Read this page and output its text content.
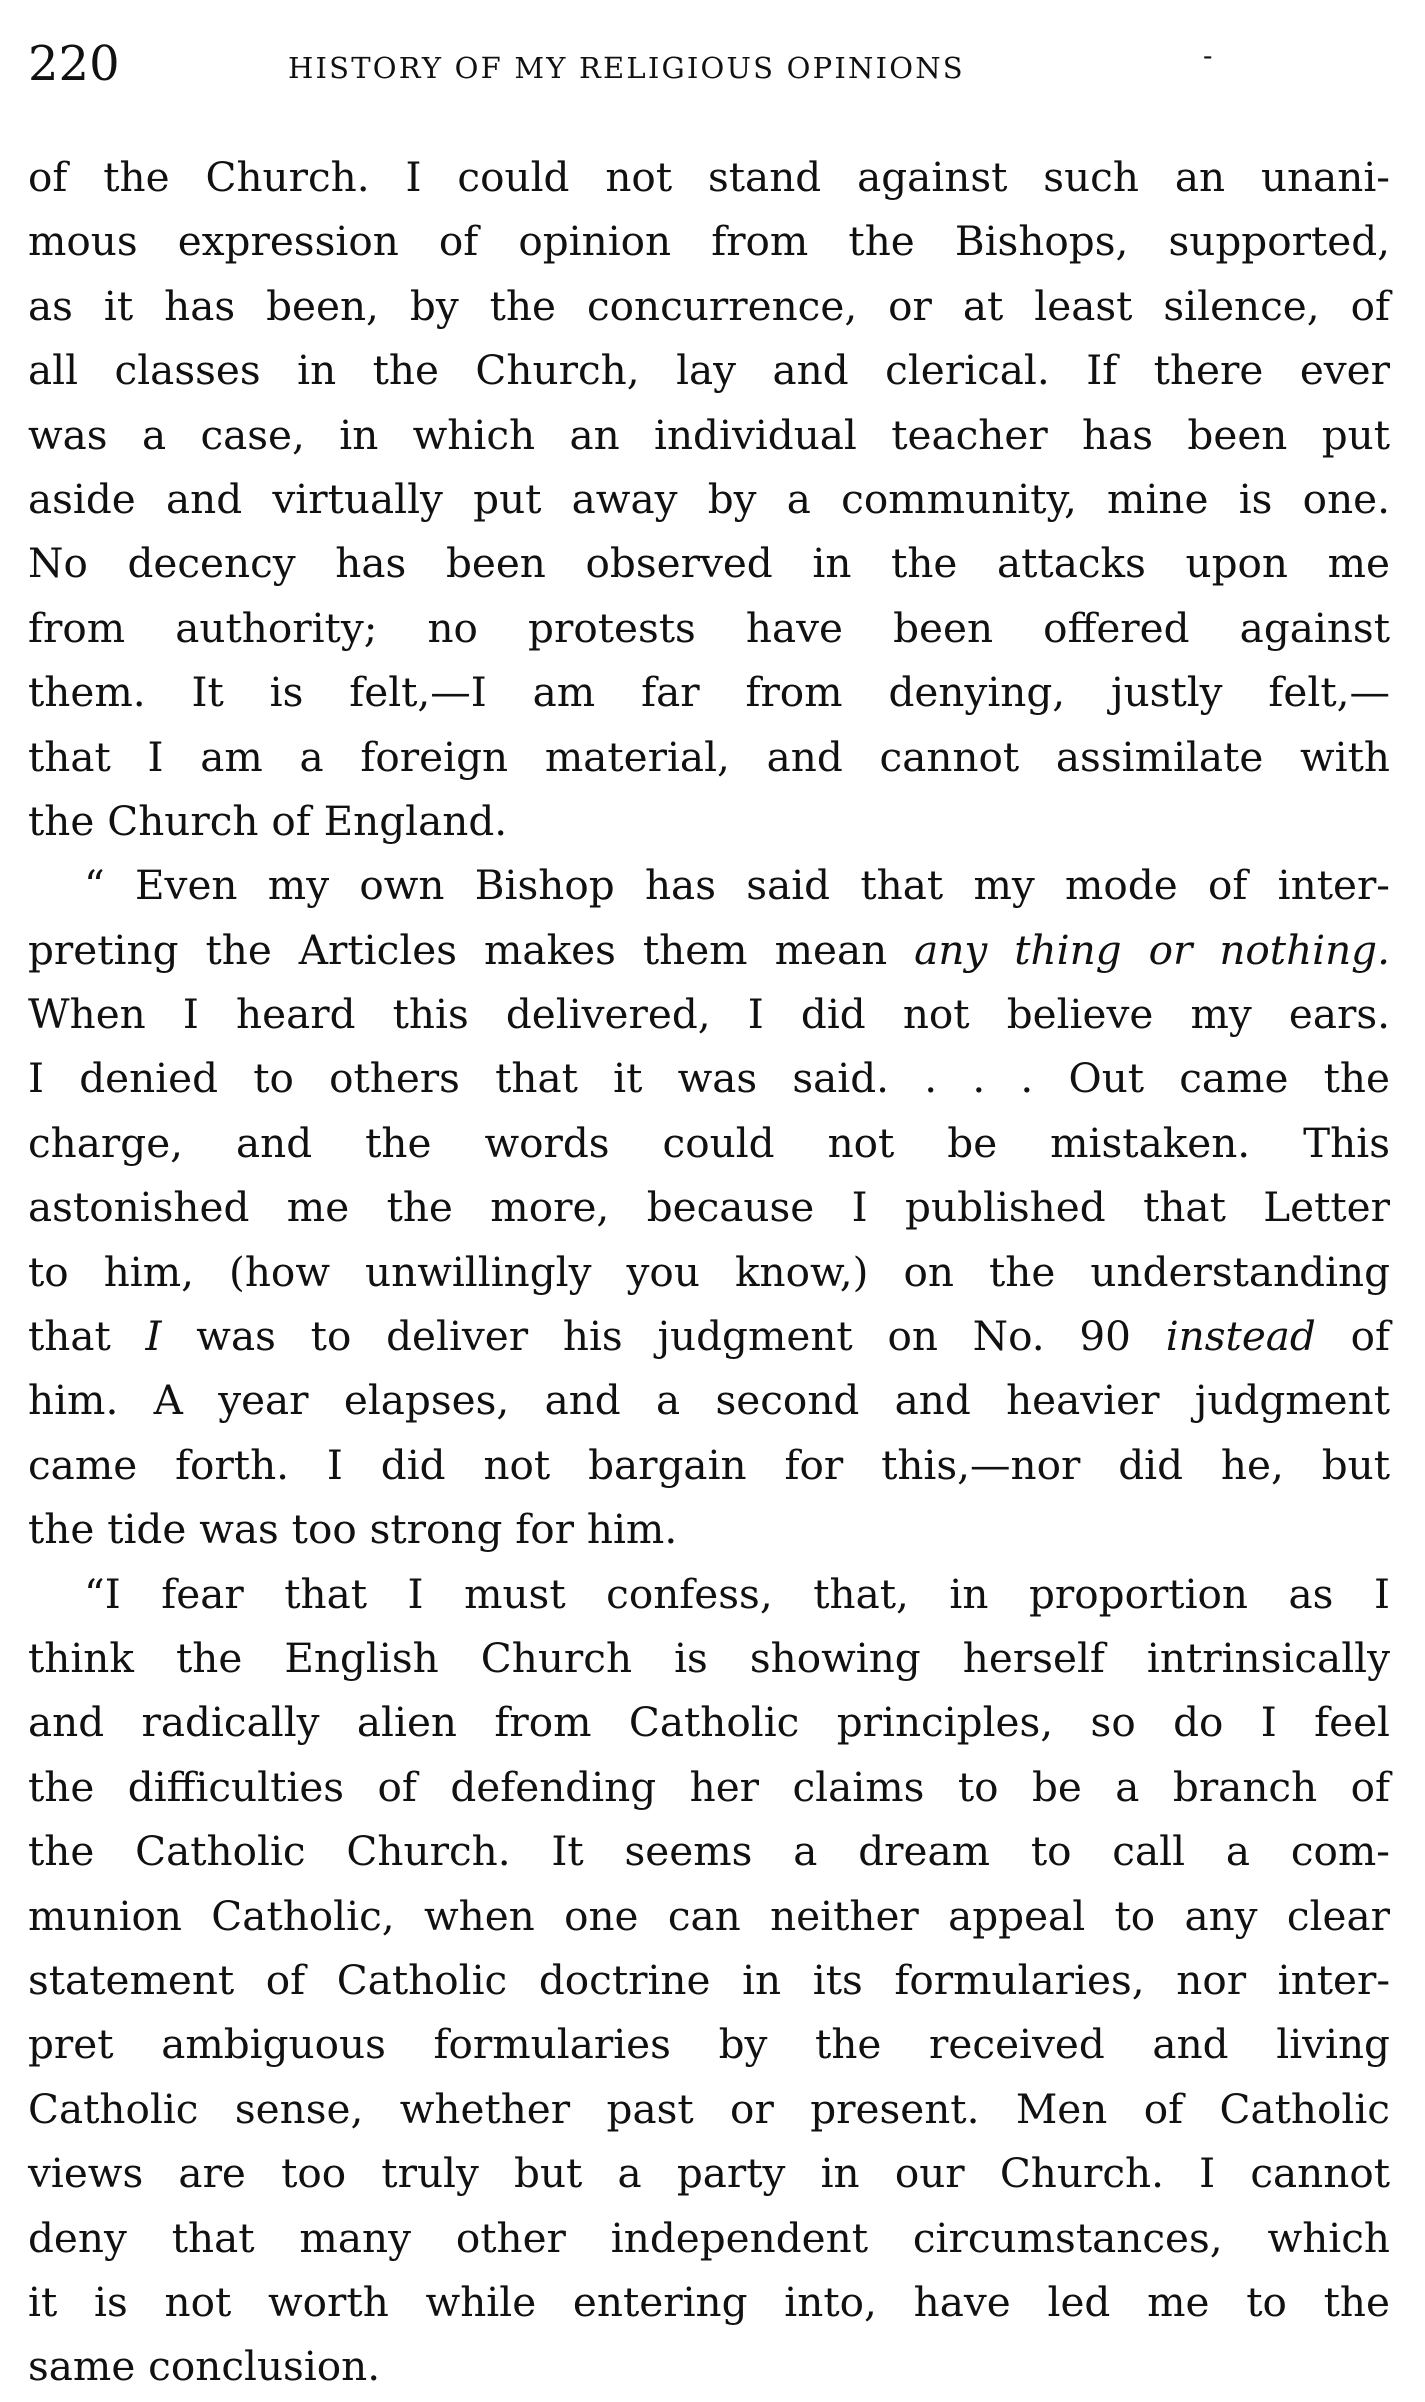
220	HISTORY OF MY RELIGIOUS OPINIONS	-
of the Church. I could not stand against such an unani-
mous expression of opinion from the Bishops, supported,
as it has been, by the concurrence, or at least silence, of
all classes in the Church, lay and clerical. If there ever
was a case, in which an individual teacher has been put
aside and virtually put away by a community, mine is one.
No decency has been observed in the attacks upon me
from authority; no protests have been offered against
them. It is felt,—I am far from denying, justly felt,—
that I am a foreign material, and cannot assimilate with
the Church of England.
“ Even my own Bishop has said that my mode of inter-
preting the Articles makes them mean any thing or nothing.
When I heard this delivered, I did not believe my ears.
I denied to others that it was said. . . . Out came the
charge, and the words could not be mistaken. This
astonished me the more, because I published that Letter
to him, (how unwillingly you know,) on the understanding
that I was to deliver his judgment on No. 90 instead of
him. A year elapses, and a second and heavier judgment
came forth. I did not bargain for this,—nor did he, but
the tide was too strong for him.
“I fear that I must confess, that, in proportion as I
think the English Church is showing herself intrinsically
and radically alien from Catholic principles, so do I feel
the difficulties of defending her claims to be a branch of
the Catholic Church. It seems a dream to call a com-
munion Catholic, when one can neither appeal to any clear
statement of Catholic doctrine in its formularies, nor inter-
pret ambiguous formularies by the received and living
Catholic sense, whether past or present. Men of Catholic
views are too truly but a party in our Church. I cannot
deny that many other independent circumstances, which
it is not worth while entering into, have led me to the
same conclusion.
